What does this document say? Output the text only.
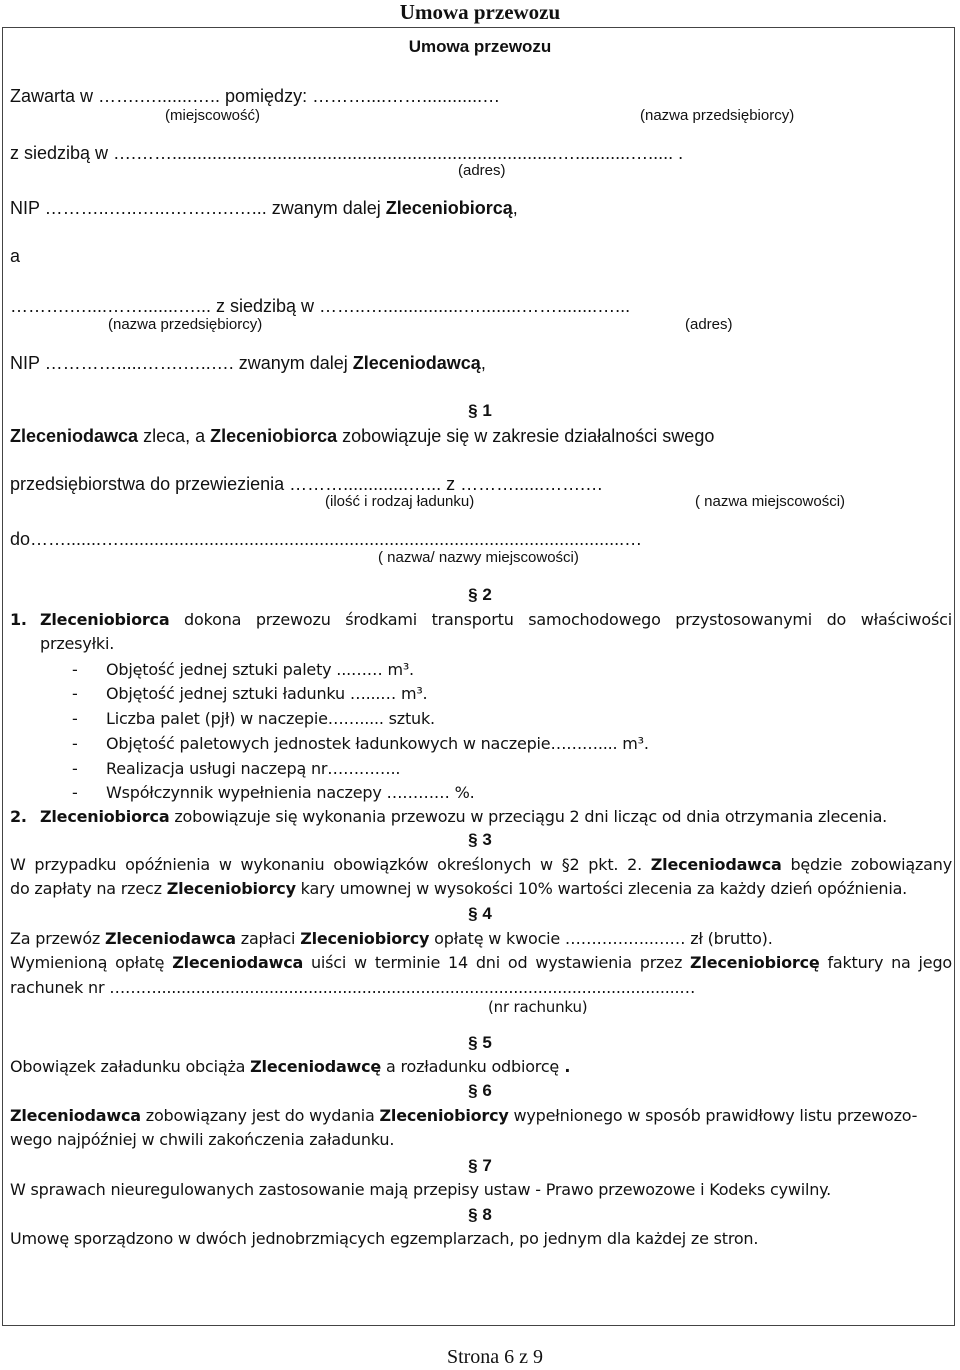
Umowa przewozu
Umowa przewozu
Zawarta w …….….......….. pomiędzy: ………....……............…
(miejscowość)	(nazwa przedsiębiorcy)
z siedzibą w ….…….............................................................................…...........…..... .
(adres)
NIP ………..…..…...…….….…... zwanym dalej Zleceniobiorcą,
a
……….…....…….......…... z siedzibą w ……..…................…........……........…...
(nazwa przedsiębiorcy)	(adres)
NIP ………….....…….…..…. zwanym dalej Zleceniodawcą,
§ 1
Zleceniodawca zleca, a Zleceniobiorca zobowiązuje się w zakresie działalności swego
przedsiębiorstwa do przewiezienia ……….............…... z ………......…….…
(ilość i rodzaj ładunku)	( nazwa miejscowości)
do…….......….....................................................................................................…
( nazwa/ nazwy miejscowości)
§ 2
1. Zleceniobiorca dokona przewozu środkami transportu samochodowego przystosowanymi do właściwości
przesyłki.
- Objętość jednej sztuki palety ...…… m³.
- Objętość jednej sztuki ładunku …...… m³.
- Liczba palet (pjł) w naczepie……..... sztuk.
- Objętość paletowych jednostek ładunkowych w naczepie……….... m³.
- Realizacja usługi naczepą nr…………..
- Współczynnik wypełnienia naczepy ………… %.
2. Zleceniobiorca zobowiązuje się wykonania przewozu w przeciągu 2 dni licząc od dnia otrzymania zlecenia.
§ 3
W przypadku opóźnienia w wykonaniu obowiązków określonych w §2 pkt. 2. Zleceniodawca będzie zobowiązany
do zapłaty na rzecz Zleceniobiorcy kary umownej w wysokości 10% wartości zlecenia za każdy dzień opóźnienia.
§ 4
Za przewóz Zleceniodawca zapłaci Zleceniobiorcy opłatę w kwocie ……………..…… zł (brutto).
Wymienioną opłatę Zleceniodawca uiści w terminie 14 dni od wystawienia przez Zleceniobiorcę faktury na jego
rachunek nr ………...........................................................................................................…
(nr rachunku)
§ 5
Obowiązek załadunku obciąża Zleceniodawcę a rozładunku odbiorcę .
§ 6
Zleceniodawca zobowiązany jest do wydania Zleceniobiorcy wypełnionego w sposób prawidłowy listu przewozo-
wego najpóźniej w chwili zakończenia załadunku.
§ 7
W sprawach nieuregulowanych zastosowanie mają przepisy ustaw - Prawo przewozowe i Kodeks cywilny.
§ 8
Umowę sporządzono w dwóch jednobrzmiących egzemplarzach, po jednym dla każdej ze stron.
Strona 6 z 9
